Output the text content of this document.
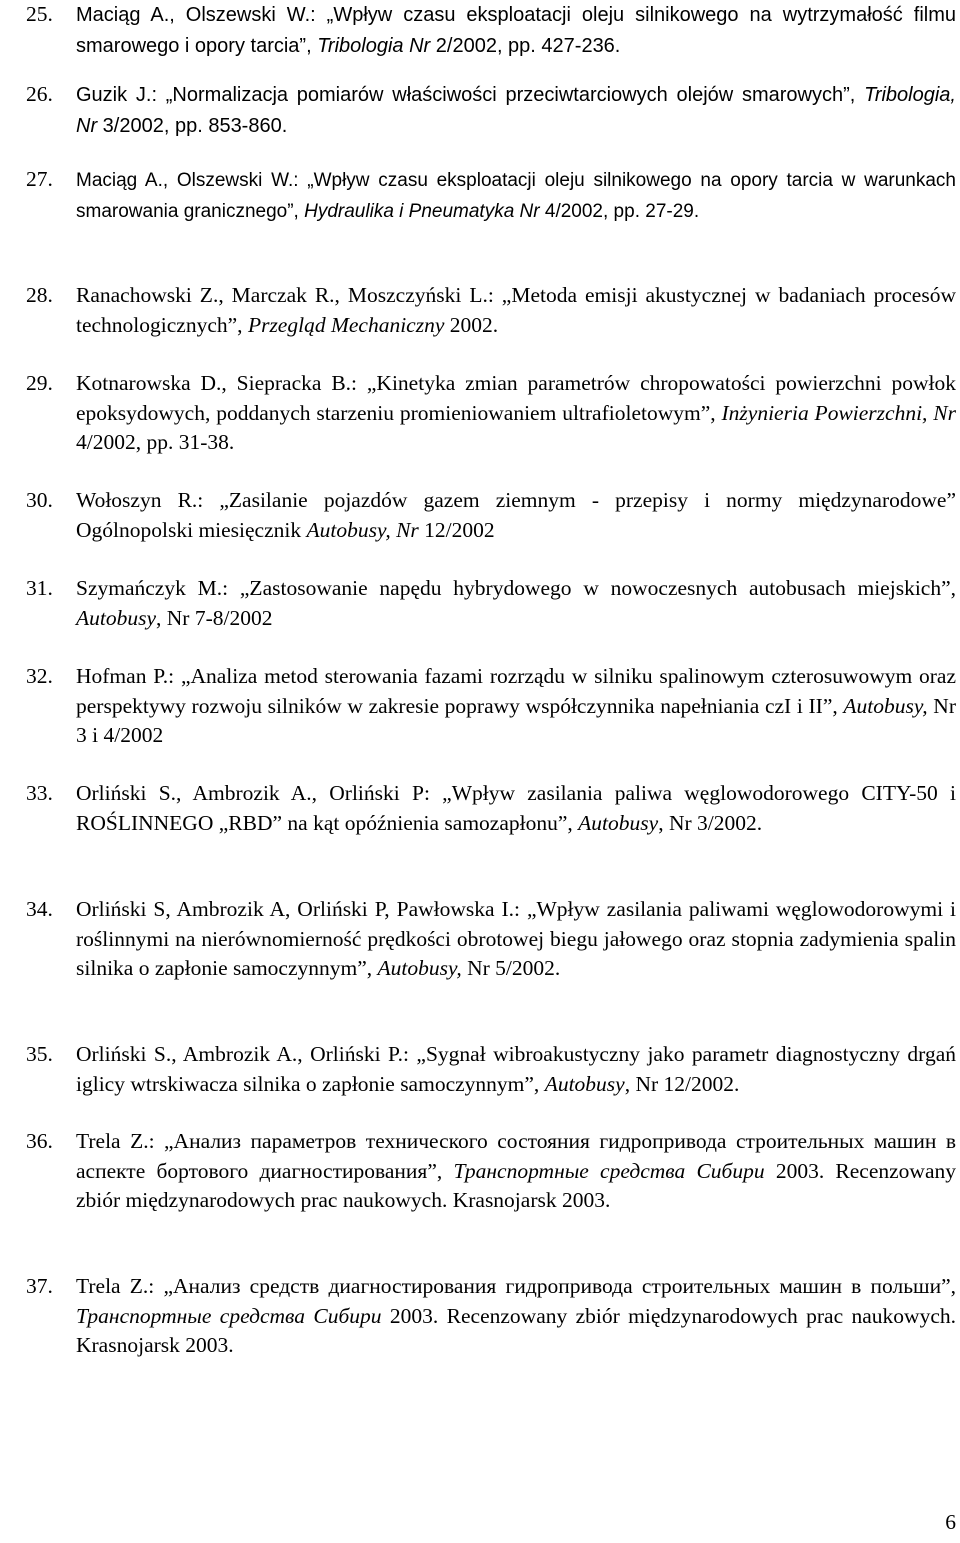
25.	Maciąg A., Olszewski W.: „Wpływ czasu eksploatacji oleju silnikowego na wytrzymałość filmu smarowego i opory tarcia”, Tribologia Nr 2/2002, pp. 427-236.
26.	Guzik J.: „Normalizacja pomiarów właściwości przeciwtarciowych olejów smarowych”, Tribologia, Nr 3/2002, pp. 853-860.
27.	Maciąg A., Olszewski W.: „Wpływ czasu eksploatacji oleju silnikowego na opory tarcia w warunkach smarowania granicznego”, Hydraulika i Pneumatyka Nr 4/2002, pp. 27-29.
28.	Ranachowski Z., Marczak R., Moszczyński L.: „Metoda emisji akustycznej w badaniach procesów technologicznych”, Przegląd Mechaniczny 2002.
29.	Kotnarowska D., Siepracka B.: „Kinetyka zmian parametrów chropowatości powierzchni powłok epoksydowych, poddanych starzeniu promieniowaniem ultrafioletowym”, Inżynieria Powierzchni, Nr 4/2002, pp. 31-38.
30.	Wołoszyn R.: „Zasilanie pojazdów gazem ziemnym - przepisy i normy międzynarodowe” Ogólnopolski miesięcznik Autobusy, Nr 12/2002
31.	Szymańczyk M.: „Zastosowanie napędu hybrydowego w nowoczesnych autobusach miejskich”, Autobusy, Nr 7-8/2002
32.	Hofman P.: „Analiza metod sterowania fazami rozrządu w silniku spalinowym czterosuwowym oraz perspektywy rozwoju silników w zakresie poprawy współczynnika napełniania czI i II”, Autobusy, Nr 3 i 4/2002
33.	Orliński S., Ambrozik A., Orliński P: „Wpływ zasilania paliwa węglowodorowego CITY-50 i ROŚLINNEGO „RBD” na kąt opóźnienia samozapłonu”, Autobusy, Nr 3/2002.
34.	Orliński S, Ambrozik A, Orliński P, Pawłowska I.: „Wpływ zasilania paliwami węglowodorowymi i roślinnymi na nierównomierność prędkości obrotowej biegu jałowego oraz stopnia zadymienia spalin silnika o zapłonie samoczynnym”, Autobusy, Nr 5/2002.
35.	Orliński S., Ambrozik A., Orliński P.: „Sygnał wibroakustyczny jako parametr diagnostyczny drgań iglicy wtrskiwacza silnika o zapłonie samoczynnym”, Autobusy, Nr 12/2002.
36.	Trela Z.: „Анализ параметров технического состояния гидропривода строительных машин в аспекте бортового диагностирования”, Транспортные средства Сибири 2003. Recenzowany zbiór międzynarodowych prac naukowych. Krasnojarsk 2003.
37.	Trela Z.: „Анализ средств диагностирования гидропривода строительных машин в польши”, Транспортные средства Сибири 2003. Recenzowany zbiór międzynarodowych prac naukowych. Krasnojarsk 2003.
6
